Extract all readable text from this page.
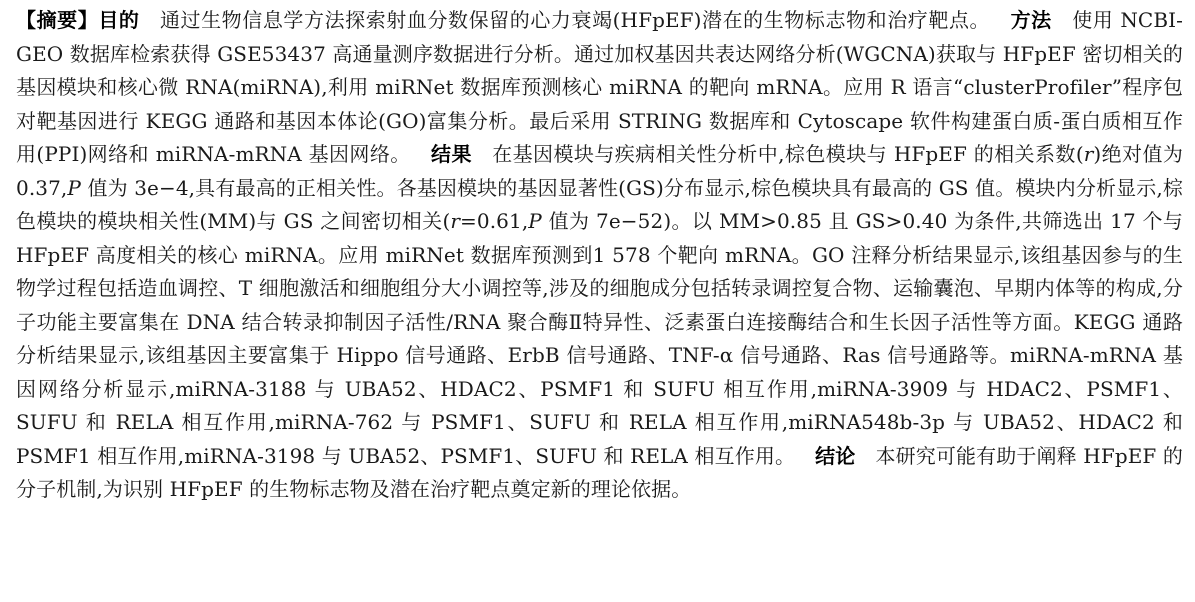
【摘要】目的 通过生物信息学方法探索射血分数保留的心力衰竭(HFpEF)潜在的生物标志物和治疗靶点。 方法 使用 NCBI-GEO 数据库检索获得 GSE53437 高通量测序数据进行分析。通过加权基因共表达网络分析(WGCNA)获取与 HFpEF 密切相关的基因模块和核心微 RNA(miRNA),利用 miRNet 数据库预测核心 miRNA 的靶向 mRNA。应用 R 语言“clusterProfiler”程序包对靶基因进行 KEGG 通路和基因本体论(GO)富集分析。最后采用 STRING 数据库和 Cytoscape 软件构建蛋白质-蛋白质相互作用(PPI)网络和 miRNA-mRNA 基因网络。 结果 在基因模块与疾病相关性分析中,棕色模块与 HFpEF 的相关系数(r)绝对值为 0.37,P 值为 3e−4,具有最高的正相关性。各基因模块的基因显著性(GS)分布显示,棕色模块具有最高的 GS 值。模块内分析显示,棕色模块的模块相关性(MM)与 GS 之间密切相关(r=0.61,P 值为 7e−52)。以 MM>0.85 且 GS>0.40 为条件,共筛选出 17 个与 HFpEF 高度相关的核心 miRNA。应用 miRNet 数据库预测到1 578 个靶向 mRNA。GO 注释分析结果显示,该组基因参与的生物学过程包括造血调控、T 细胞激活和细胞组分大小调控等,涉及的细胞成分包括转录调控复合物、运输囊泡、早期内体等的构成,分子功能主要富集在 DNA 结合转录抑制因子活性/RNA 聚合酶Ⅱ特异性、泛素蛋白连接酶结合和生长因子活性等方面。KEGG 通路分析结果显示,该组基因主要富集于 Hippo 信号通路、ErbB 信号通路、TNF-α 信号通路、Ras 信号通路等。miRNA-mRNA 基因网络分析显示,miRNA-3188 与 UBA52、HDAC2、PSMF1 和 SUFU 相互作用,miRNA-3909 与 HDAC2、PSMF1、SUFU 和 RELA 相互作用,miRNA-762 与 PSMF1、SUFU 和 RELA 相互作用,miRNA548b-3p 与 UBA52、HDAC2 和 PSMF1 相互作用,miRNA-3198 与 UBA52、PSMF1、SUFU 和 RELA 相互作用。 结论 本研究可能有助于阐释 HFpEF 的分子机制,为识别 HFpEF 的生物标志物及潜在治疗靶点奠定新的理论依据。
